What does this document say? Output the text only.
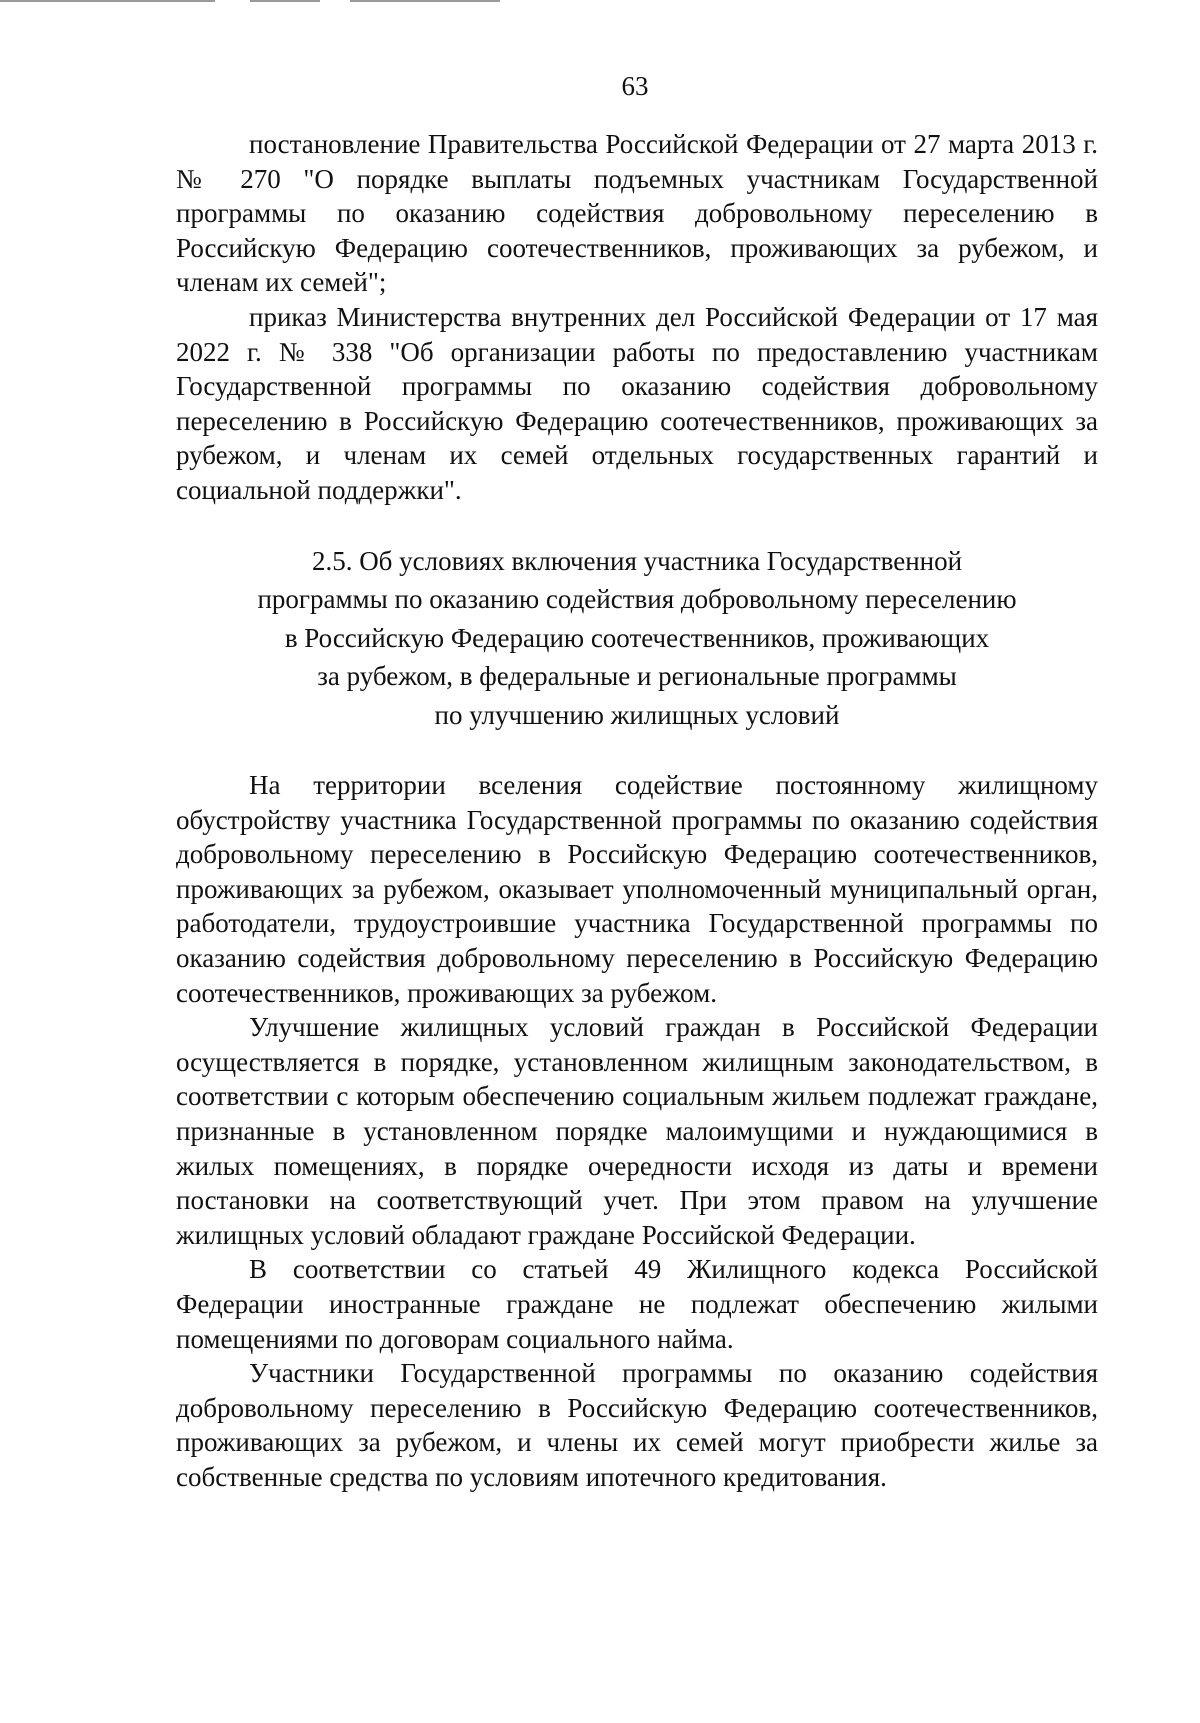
63

постановление Правительства Российской Федерации от 27 марта 2013 г. № 270 "О порядке выплаты подъемных участникам Государственной программы по оказанию содействия добровольному переселению в Российскую Федерацию соотечественников, проживающих за рубежом, и членам их семей";

приказ Министерства внутренних дел Российской Федерации от 17 мая 2022 г. № 338 "Об организации работы по предоставлению участникам Государственной программы по оказанию содействия добровольному переселению в Российскую Федерацию соотечественников, проживающих за рубежом, и членам их семей отдельных государственных гарантий и социальной поддержки".

2.5. Об условиях включения участника Государственной
программы по оказанию содействия добровольному переселению
в Российскую Федерацию соотечественников, проживающих
за рубежом, в федеральные и региональные программы
по улучшению жилищных условий

На территории вселения содействие постоянному жилищному обустройству участника Государственной программы по оказанию содействия добровольному переселению в Российскую Федерацию соотечественников, проживающих за рубежом, оказывает уполномоченный муниципальный орган, работодатели, трудоустроившие участника Государственной программы по оказанию содействия добровольному переселению в Российскую Федерацию соотечественников, проживающих за рубежом.

Улучшение жилищных условий граждан в Российской Федерации осуществляется в порядке, установленном жилищным законодательством, в соответствии с которым обеспечению социальным жильем подлежат граждане, признанные в установленном порядке малоимущими и нуждающимися в жилых помещениях, в порядке очередности исходя из даты и времени постановки на соответствующий учет. При этом правом на улучшение жилищных условий обладают граждане Российской Федерации.

В соответствии со статьей 49 Жилищного кодекса Российской Федерации иностранные граждане не подлежат обеспечению жилыми помещениями по договорам социального найма.

Участники Государственной программы по оказанию содействия добровольному переселению в Российскую Федерацию соотечественников, проживающих за рубежом, и члены их семей могут приобрести жилье за собственные средства по условиям ипотечного кредитования.
